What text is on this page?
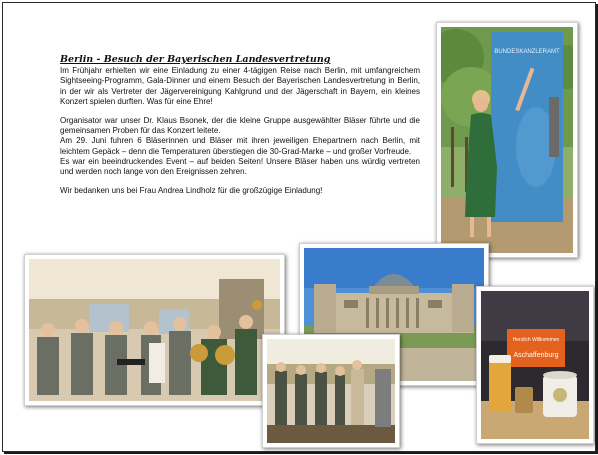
Berlin - Besuch der Bayerischen Landesvertretung

Im Frühjahr erhielten wir eine Einladung zu einer 4-tägigen Reise nach Berlin, mit umfangreichem Sightseeing-Programm, Gala-Dinner und einem Besuch der Bayerischen Landesvertretung in Berlin, in der wir als Vertreter der Jägervereinigung Kahlgrund und der Jägerschaft in Bayern, ein kleines Konzert spielen durften. Was für eine Ehre!

Organisator war unser Dr. Klaus Bsonek, der die kleine Gruppe ausgewählter Bläser führte und die gemeinsamen Proben für das Konzert leitete.

Am 29. Juni fuhren 6 Bläserinnen und Bläser mit ihren jeweiligen Ehepartnern nach Berlin, mit leichtem Gepäck – denn die Temperaturen überstiegen die 30-Grad-Marke – und großer Vorfreude.

Es war ein beeindruckendes Event – auf beiden Seiten! Unsere Bläser haben uns würdig vertreten und werden noch lange von den Ereignissen zehren.

Wir bedanken uns bei Frau Andrea Lindholz für die großzügige Einladung!

BUNDESKANZLERAMT
Herzlich Willkommen
Aschaffenburg
